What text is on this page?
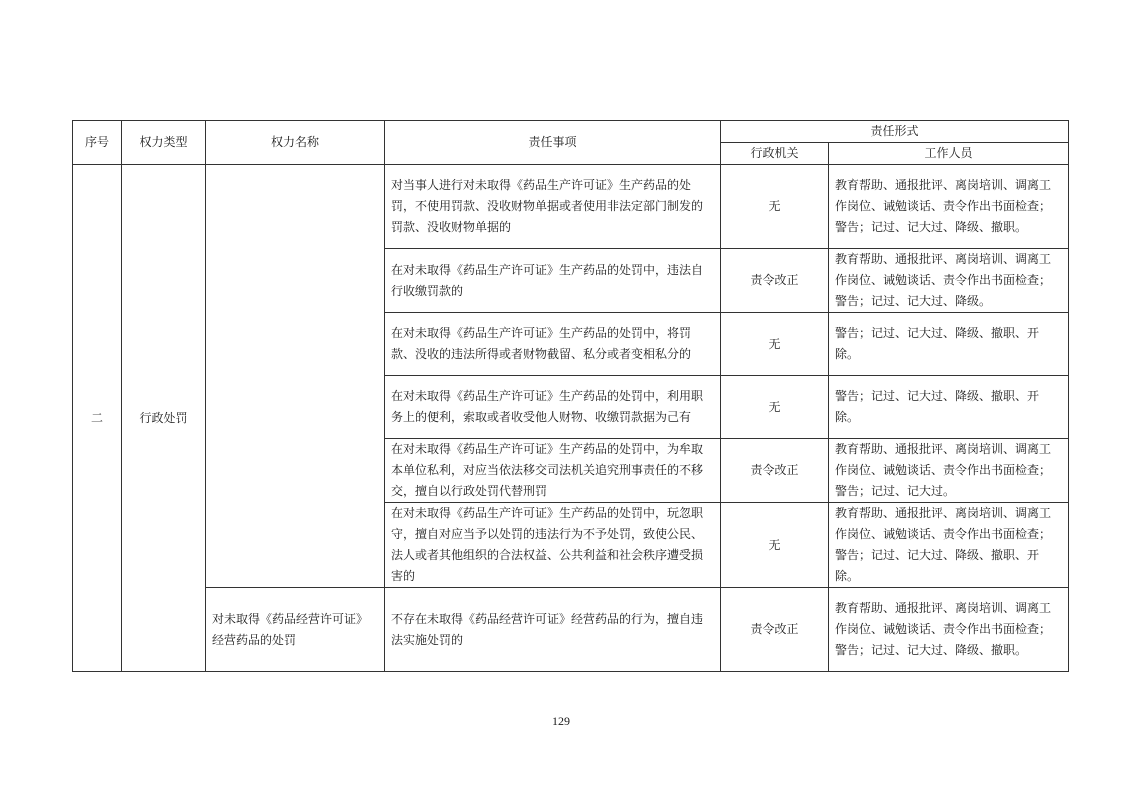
序号	权力类型	权力名称	责任事项	责任形式	
				行政机关	工作人员
二	行政处罚		对当事人进行对未取得《药品生产许可证》生产药品的处罚，不使用罚款、没收财物单据或者使用非法定部门制发的罚款、没收财物单据的	无	教育帮助、通报批评、离岗培训、调离工作岗位、诫勉谈话、责令作出书面检查；警告；记过、记大过、降级、撤职。
			在对未取得《药品生产许可证》生产药品的处罚中，违法自行收缴罚款的	责令改正	教育帮助、通报批评、离岗培训、调离工作岗位、诫勉谈话、责令作出书面检查；警告；记过、记大过、降级。
			在对未取得《药品生产许可证》生产药品的处罚中，将罚款、没收的违法所得或者财物截留、私分或者变相私分的	无	警告；记过、记大过、降级、撤职、开除。
			在对未取得《药品生产许可证》生产药品的处罚中，利用职务上的便利，索取或者收受他人财物、收缴罚款据为己有	无	警告；记过、记大过、降级、撤职、开除。
			在对未取得《药品生产许可证》生产药品的处罚中，为牟取本单位私利，对应当依法移交司法机关追究刑事责任的不移交，擅自以行政处罚代替刑罚	责令改正	教育帮助、通报批评、离岗培训、调离工作岗位、诫勉谈话、责令作出书面检查；警告；记过、记大过。
			在对未取得《药品生产许可证》生产药品的处罚中，玩忽职守，擅自对应当予以处罚的违法行为不予处罚，致使公民、法人或者其他组织的合法权益、公共利益和社会秩序遭受损害的	无	教育帮助、通报批评、离岗培训、调离工作岗位、诫勉谈话、责令作出书面检查；警告；记过、记大过、降级、撤职、开除。
		对未取得《药品经营许可证》经营药品的处罚	不存在未取得《药品经营许可证》经营药品的行为，擅自违法实施处罚的	责令改正	教育帮助、通报批评、离岗培训、调离工作岗位、诫勉谈话、责令作出书面检查；警告；记过、记大过、降级、撤职。
129
